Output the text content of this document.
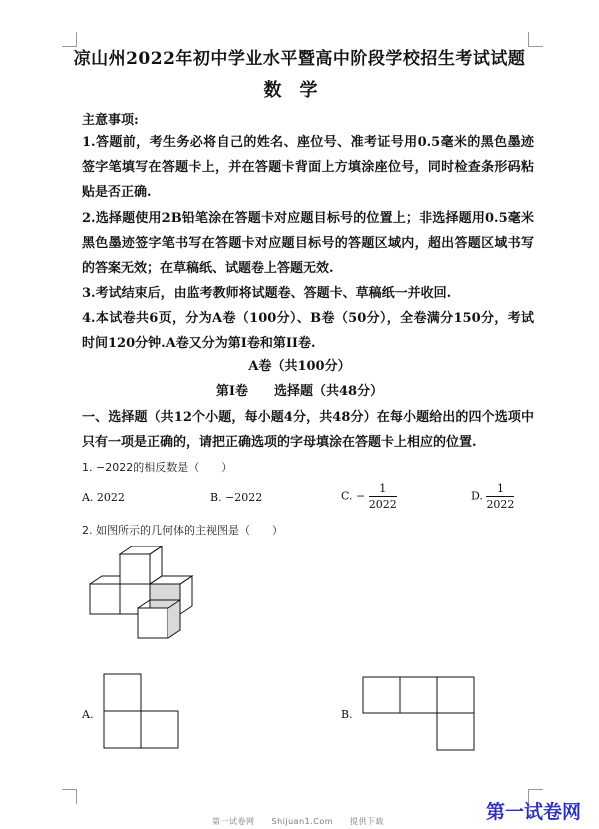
凉山州2022年初中学业水平暨高中阶段学校招生考试试题
数学
主意事项:
1.答题前，考生务必将自己的姓名、座位号、准考证号用0.5毫米的黑色墨迹签字笔填写在答题卡上，并在答题卡背面上方填涂座位号，同时检查条形码粘贴是否正确.
2.选择题使用2B铅笔涂在答题卡对应题目标号的位置上；非选择题用0.5毫米黑色墨迹签字笔书写在答题卡对应题目标号的答题区域内，超出答题区域书写的答案无效；在草稿纸、试题卷上答题无效.
3.考试结束后，由监考教师将试题卷、答题卡、草稿纸一并收回.
4.本试卷共6页，分为A卷（100分）、B卷（50分），全卷满分150分，考试时间120分钟.A卷又分为第I卷和第II卷.
A卷（共100分）
第I卷　　选择题（共48分）
一、选择题（共12个小题，每小题4分，共48分）在每小题给出的四个选项中只有一项是正确的，请把正确选项的字母填涂在答题卡上相应的位置.
1. −2022的相反数是（　　）
A. 2022	B. −2022	C. − $\frac{1}{2022}$	D. $\frac{1}{2022}$
2. 如图所示的几何体的主视图是（　　）
A.	B.
第一试卷网　　Shijuan1.Com　　提供下载	第一试卷网
